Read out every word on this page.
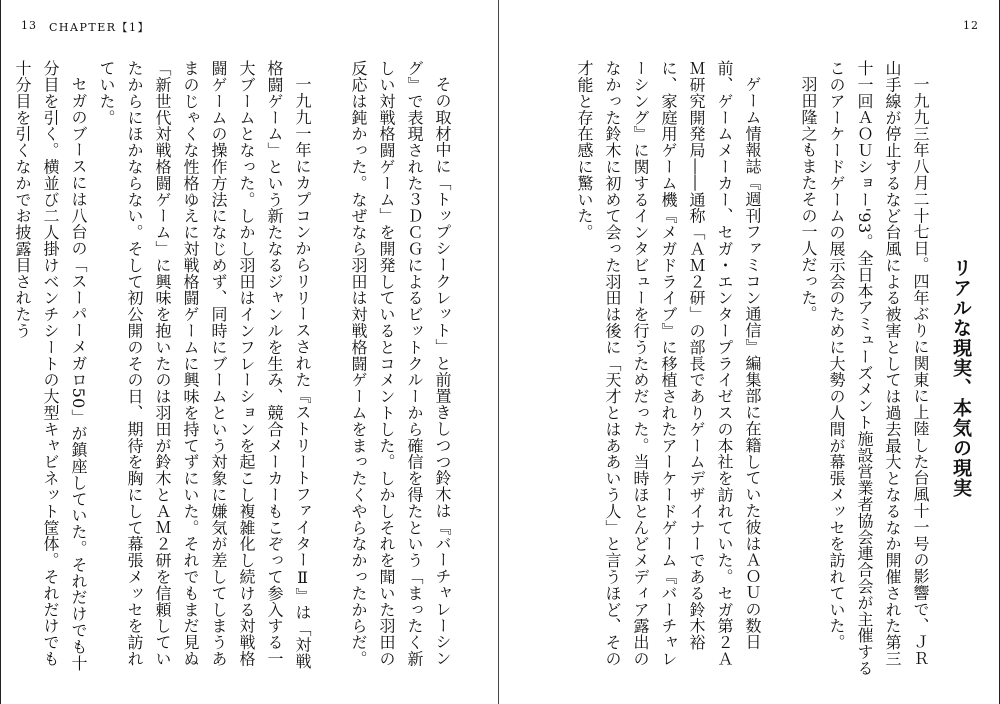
13 CHAPTER【1】

その取材中に「トップシークレット」と前置きしつつ鈴木は『バーチャレーシング』で表現された３ＤＣＧによるビットクルーから確信を得たという「まったく新しい対戦格闘ゲーム」を開発しているとコメントした。しかしそれを聞いた羽田の反応は鈍かった。なぜなら羽田は対戦格闘ゲームをまったくやらなかったからだ。

一九九一年にカプコンからリリースされた『ストリートファイターⅡ』は「対戦格闘ゲーム」という新たなるジャンルを生み、競合メーカーもこぞって参入する一大ブームとなった。しかし羽田はインフレーションを起こし複雑化し続ける対戦格闘ゲームの操作方法になじめず、同時にブームという対象に嫌気が差してしまうあまのじゃくな性格ゆえに対戦格闘ゲームに興味を持てずにいた。それでもまだ見ぬ「新世代対戦格闘ゲーム」に興味を抱いたのは羽田が鈴木とＡＭ２研を信頼していたからにほかならない。そして初公開のその日、期待を胸にして幕張メッセを訪れていた。

セガのブースには八台の「スーパーメガロ50」が鎮座していた。それだけでも十分目を引く。横並び二人掛けベンチシートの大型キャビネット筐体。それだけでも十分目を引くなかでお披露目されたう

12
リアルな現実、本気の現実

一九九三年八月二十七日。四年ぶりに関東に上陸した台風十一号の影響で、ＪＲ山手線が停止するなど台風による被害としては過去最大となるなか開催された第三十一回ＡＯＵショー'93。全日本アミューズメント施設営業者協会連合会が主催するこのアーケードゲームの展示会のために大勢の人間が幕張メッセを訪れていた。

羽田隆之もまたその一人だった。

ゲーム情報誌『週刊ファミコン通信』編集部に在籍していた彼はＡＯＵの数日前、ゲームメーカー、セガ・エンタープライゼスの本社を訪れていた。セガ第２ＡＭ研究開発局――通称「ＡＭ２研」の部長でありゲームデザイナーである鈴木裕に、家庭用ゲーム機『メガドライブ』に移植されたアーケードゲーム『バーチャレーシング』に関するインタビューを行うためだった。当時ほとんどメディア露出のなかった鈴木に初めて会った羽田は後に「天才とはああいう人」と言うほど、その才能と存在感に驚いた。
